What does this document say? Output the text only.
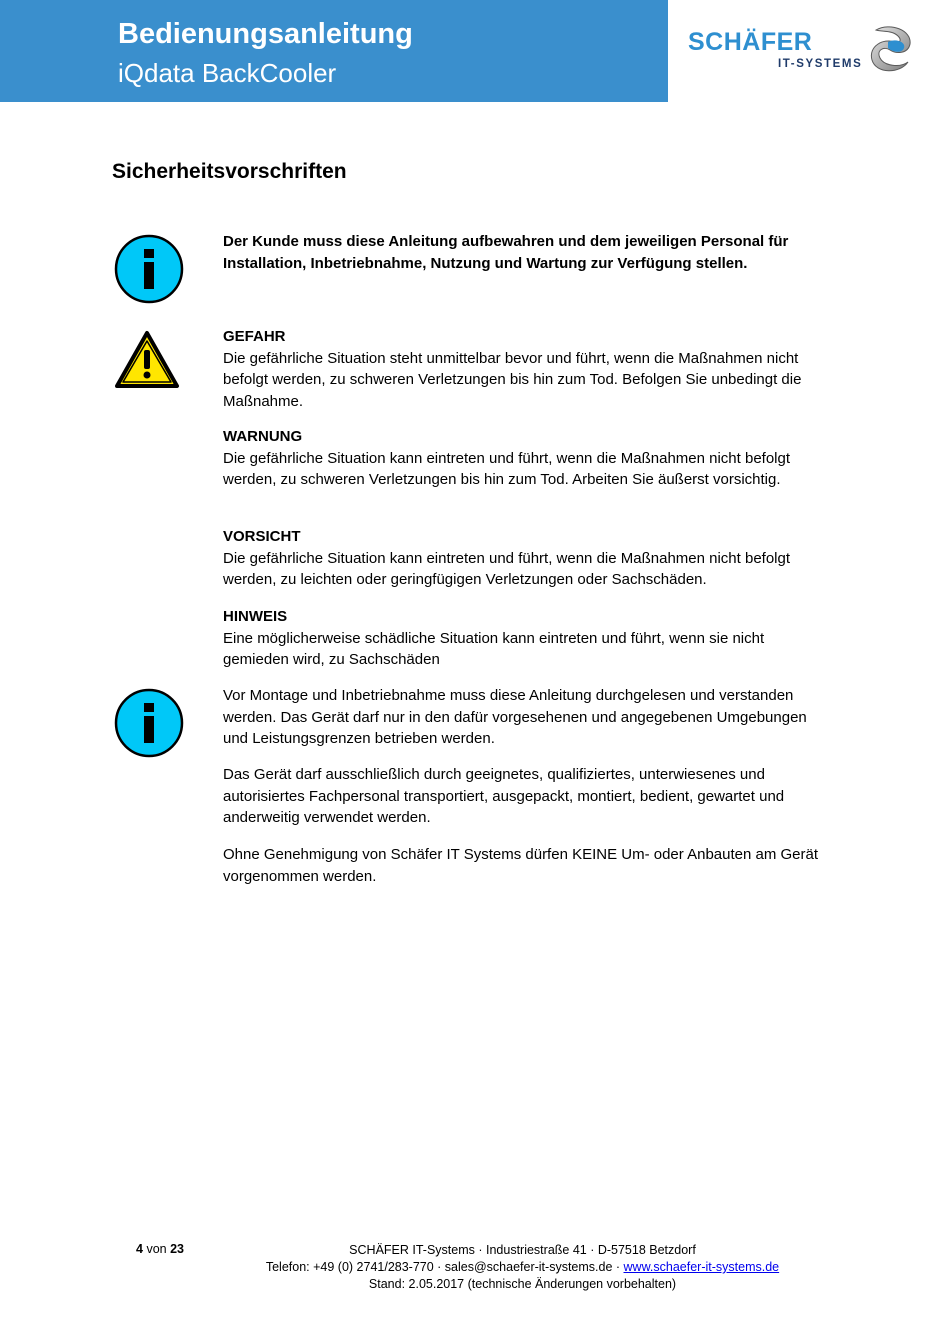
Bedienungsanleitung
iQdata BackCooler
SCHÄFER
IT-SYSTEMS
Sicherheitsvorschriften

Der Kunde muss diese Anleitung aufbewahren und dem jeweiligen Personal für Installation, Inbetriebnahme, Nutzung und Wartung zur Verfügung stellen.

GEFAHR

Die gefährliche Situation steht unmittelbar bevor und führt, wenn die Maßnahmen nicht befolgt werden, zu schweren Verletzungen bis hin zum Tod. Befolgen Sie unbedingt die Maßnahme.

WARNUNG

Die gefährliche Situation kann eintreten und führt, wenn die Maßnahmen nicht befolgt werden, zu schweren Verletzungen bis hin zum Tod. Arbeiten Sie äußerst vorsichtig.

VORSICHT

Die gefährliche Situation kann eintreten und führt, wenn die Maßnahmen nicht befolgt werden, zu leichten oder geringfügigen Verletzungen oder Sachschäden.

HINWEIS

Eine möglicherweise schädliche Situation kann eintreten und führt, wenn sie nicht gemieden wird, zu Sachschäden

Vor Montage und Inbetriebnahme muss diese Anleitung durchgelesen und verstanden werden. Das Gerät darf nur in den dafür vorgesehenen und angegebenen Umgebungen und Leistungsgrenzen betrieben werden.

Das Gerät darf ausschließlich durch geeignetes, qualifiziertes, unterwiesenes und autorisiertes Fachpersonal transportiert, ausgepackt, montiert, bedient, gewartet und anderweitig verwendet werden.

Ohne Genehmigung von Schäfer IT Systems dürfen KEINE Um- oder Anbauten am Gerät vorgenommen werden.

4 von 23	SCHÄFER IT-Systems · Industriestraße 41 · D-57518 Betzdorf
Telefon: +49 (0) 2741/283-770 · sales@schaefer-it-systems.de · www.schaefer-it-systems.de
Stand: 2.05.2017 (technische Änderungen vorbehalten)
